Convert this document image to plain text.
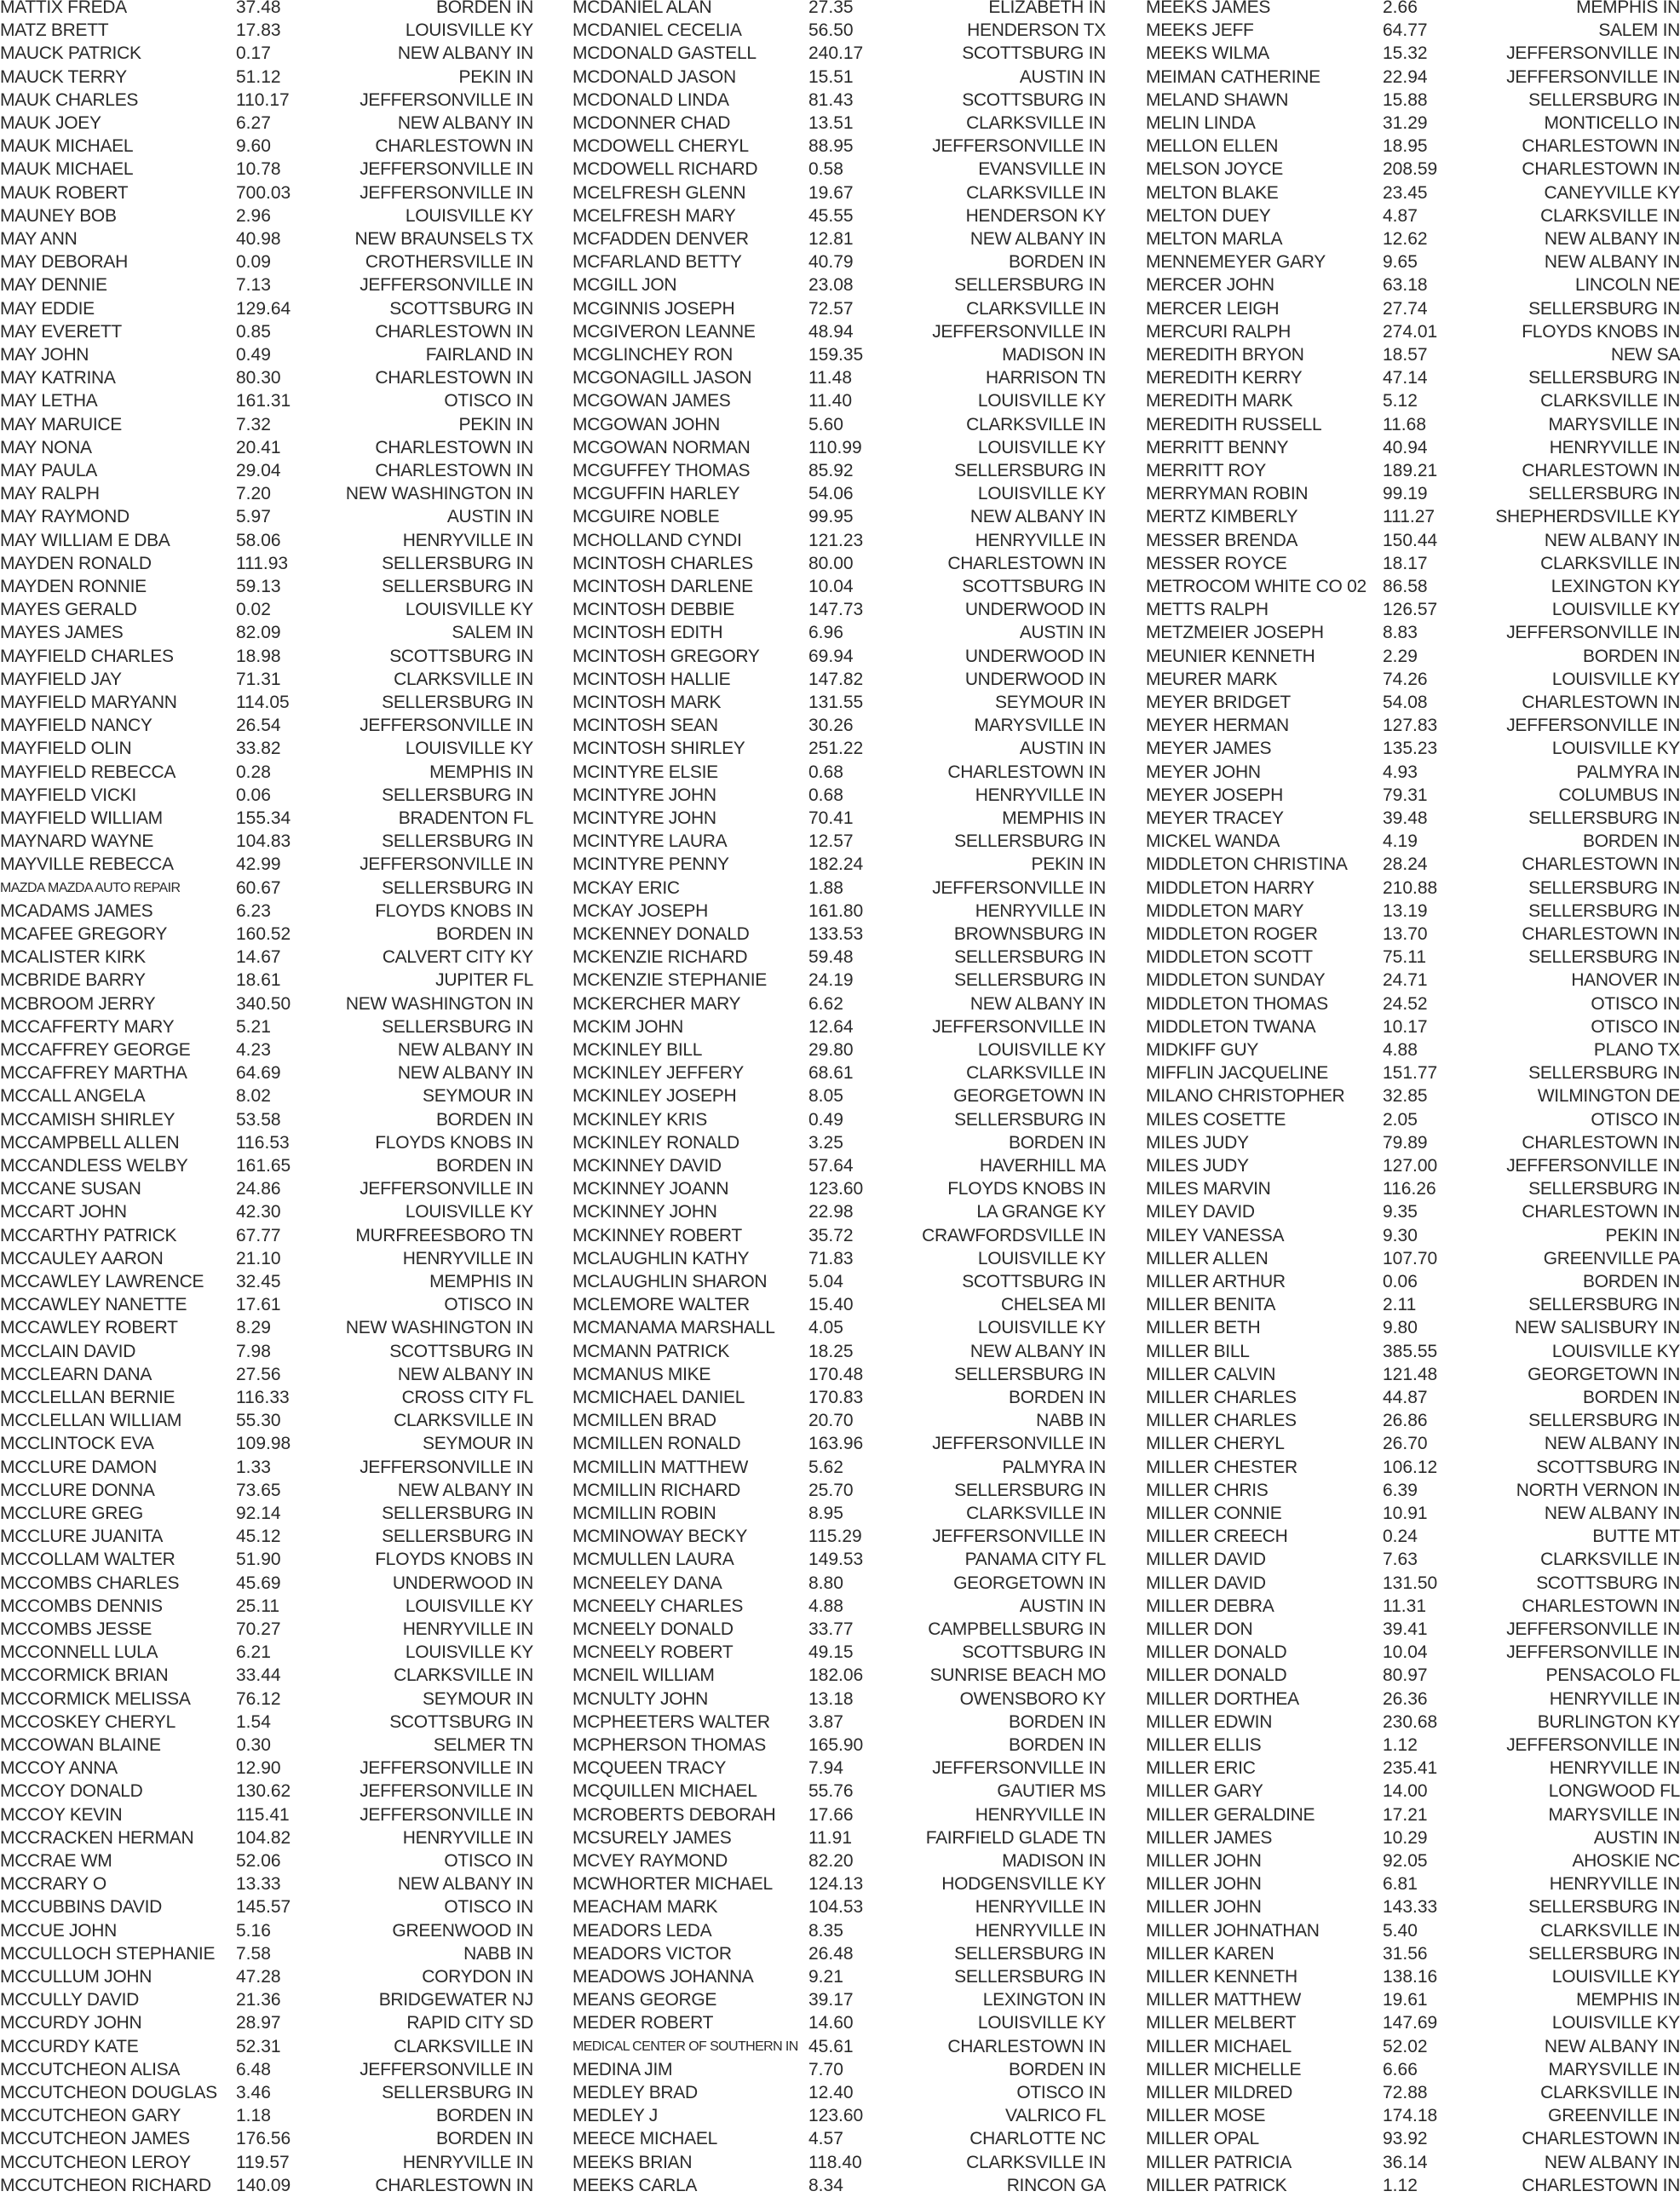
MATTIX FREDA	37.48	BORDEN IN
MATZ BRETT	17.83	LOUISVILLE KY
MAUCK PATRICK	0.17	NEW ALBANY IN
MAUCK TERRY	51.12	PEKIN IN
MAUK CHARLES	110.17	JEFFERSONVILLE IN
MAUK JOEY	6.27	NEW ALBANY IN
MAUK MICHAEL	9.60	CHARLESTOWN IN
MAUK MICHAEL	10.78	JEFFERSONVILLE IN
MAUK ROBERT	700.03	JEFFERSONVILLE IN
MAUNEY BOB	2.96	LOUISVILLE KY
MAY ANN	40.98	NEW BRAUNSELS TX
MAY DEBORAH	0.09	CROTHERSVILLE IN
MAY DENNIE	7.13	JEFFERSONVILLE IN
MAY EDDIE	129.64	SCOTTSBURG IN
MAY EVERETT	0.85	CHARLESTOWN IN
MAY JOHN	0.49	FAIRLAND IN
MAY KATRINA	80.30	CHARLESTOWN IN
MAY LETHA	161.31	OTISCO IN
MAY MARUICE	7.32	PEKIN IN
MAY NONA	20.41	CHARLESTOWN IN
MAY PAULA	29.04	CHARLESTOWN IN
MAY RALPH	7.20	NEW WASHINGTON IN
MAY RAYMOND	5.97	AUSTIN IN
MAY WILLIAM E DBA	58.06	HENRYVILLE IN
MAYDEN RONALD	111.93	SELLERSBURG IN
MAYDEN RONNIE	59.13	SELLERSBURG IN
MAYES GERALD	0.02	LOUISVILLE KY
MAYES JAMES	82.09	SALEM IN
MAYFIELD CHARLES	18.98	SCOTTSBURG IN
MAYFIELD JAY	71.31	CLARKSVILLE IN
MAYFIELD MARYANN	114.05	SELLERSBURG IN
MAYFIELD NANCY	26.54	JEFFERSONVILLE IN
MAYFIELD OLIN	33.82	LOUISVILLE KY
MAYFIELD REBECCA	0.28	MEMPHIS IN
MAYFIELD VICKI	0.06	SELLERSBURG IN
MAYFIELD WILLIAM	155.34	BRADENTON FL
MAYNARD WAYNE	104.83	SELLERSBURG IN
MAYVILLE REBECCA	42.99	JEFFERSONVILLE IN
MAZDA MAZDA AUTO REPAIR	60.67	SELLERSBURG IN
MCADAMS JAMES	6.23	FLOYDS KNOBS IN
MCAFEE GREGORY	160.52	BORDEN IN
MCALISTER KIRK	14.67	CALVERT CITY KY
MCBRIDE BARRY	18.61	JUPITER FL
MCBROOM JERRY	340.50	NEW WASHINGTON IN
MCCAFFERTY MARY	5.21	SELLERSBURG IN
MCCAFFREY GEORGE	4.23	NEW ALBANY IN
MCCAFFREY MARTHA	64.69	NEW ALBANY IN
MCCALL ANGELA	8.02	SEYMOUR IN
MCCAMISH SHIRLEY	53.58	BORDEN IN
MCCAMPBELL ALLEN	116.53	FLOYDS KNOBS IN
MCCANDLESS WELBY	161.65	BORDEN IN
MCCANE SUSAN	24.86	JEFFERSONVILLE IN
MCCART JOHN	42.30	LOUISVILLE KY
MCCARTHY PATRICK	67.77	MURFREESBORO TN
MCCAULEY AARON	21.10	HENRYVILLE IN
MCCAWLEY LAWRENCE 32.45	MEMPHIS IN
MCCAWLEY NANETTE	17.61	OTISCO IN
MCCAWLEY ROBERT	8.29	NEW WASHINGTON IN
MCCLAIN DAVID	7.98	SCOTTSBURG IN
MCCLEARN DANA	27.56	NEW ALBANY IN
MCCLELLAN BERNIE	116.33	CROSS CITY FL
MCCLELLAN WILLIAM	55.30	CLARKSVILLE IN
MCCLINTOCK EVA	109.98	SEYMOUR IN
MCCLURE DAMON	1.33	JEFFERSONVILLE IN
MCCLURE DONNA	73.65	NEW ALBANY IN
MCCLURE GREG	92.14	SELLERSBURG IN
MCCLURE JUANITA	45.12	SELLERSBURG IN
MCCOLLAM WALTER	51.90	FLOYDS KNOBS IN
MCCOMBS CHARLES	45.69	UNDERWOOD IN
MCCOMBS DENNIS	25.11	LOUISVILLE KY
MCCOMBS JESSE	70.27	HENRYVILLE IN
MCCONNELL LULA	6.21	LOUISVILLE KY
MCCORMICK BRIAN	33.44	CLARKSVILLE IN
MCCORMICK MELISSA	76.12	SEYMOUR IN
MCCOSKEY CHERYL	1.54	SCOTTSBURG IN
MCCOWAN BLAINE	0.30	SELMER TN
MCCOY ANNA	12.90	JEFFERSONVILLE IN
MCCOY DONALD	130.62	JEFFERSONVILLE IN
MCCOY KEVIN	115.41	JEFFERSONVILLE IN
MCCRACKEN HERMAN 104.82	HENRYVILLE IN
MCCRAE WM	52.06	OTISCO IN
MCCRARY O	13.33	NEW ALBANY IN
MCCUBBINS DAVID	145.57	OTISCO IN
MCCUE JOHN	5.16	GREENWOOD IN
MCCULLOCH STEPHANIE 7.58	NABB IN
MCCULLUM JOHN	47.28	CORYDON IN
MCCULLY DAVID	21.36	BRIDGEWATER NJ
MCCURDY JOHN	28.97	RAPID CITY SD
MCCURDY KATE	52.31	CLARKSVILLE IN
MCCUTCHEON ALISA	6.48	JEFFERSONVILLE IN
MCCUTCHEON DOUGLAS 3.46	SELLERSBURG IN
MCCUTCHEON GARY	1.18	BORDEN IN
MCCUTCHEON JAMES	176.56	BORDEN IN
MCCUTCHEON LEROY	119.57	HENRYVILLE IN
MCCUTCHEON RICHARD 140.09	CHARLESTOWN IN
MCDANIEL ALAN	27.35	ELIZABETH IN
MCDANIEL CECELIA	56.50	HENDERSON TX
MCDONALD GASTELL	240.17	SCOTTSBURG IN
MCDONALD JASON	15.51	AUSTIN IN
MCDONALD LINDA	81.43	SCOTTSBURG IN
MCDONNER CHAD	13.51	CLARKSVILLE IN
MCDOWELL CHERYL	88.95	JEFFERSONVILLE IN
MCDOWELL RICHARD	0.58	EVANSVILLE IN
MCELFRESH GLENN	19.67	CLARKSVILLE IN
MCELFRESH MARY	45.55	HENDERSON KY
MCFADDEN DENVER	12.81	NEW ALBANY IN
MCFARLAND BETTY	40.79	BORDEN IN
MCGILL JON	23.08	SELLERSBURG IN
MCGINNIS JOSEPH	72.57	CLARKSVILLE IN
MCGIVERON LEANNE	48.94	JEFFERSONVILLE IN
MCGLINCHEY RON	159.35	MADISON IN
MCGONAGILL JASON	11.48	HARRISON TN
MCGOWAN JAMES	11.40	LOUISVILLE KY
MCGOWAN JOHN	5.60	CLARKSVILLE IN
MCGOWAN NORMAN	110.99	LOUISVILLE KY
MCGUFFEY THOMAS	85.92	SELLERSBURG IN
MCGUFFIN HARLEY	54.06	LOUISVILLE KY
MCGUIRE NOBLE	99.95	NEW ALBANY IN
MCHOLLAND CYNDI	121.23	HENRYVILLE IN
MCINTOSH CHARLES	80.00	CHARLESTOWN IN
MCINTOSH DARLENE	10.04	SCOTTSBURG IN
MCINTOSH DEBBIE	147.73	UNDERWOOD IN
MCINTOSH EDITH	6.96	AUSTIN IN
MCINTOSH GREGORY	69.94	UNDERWOOD IN
MCINTOSH HALLIE	147.82	UNDERWOOD IN
MCINTOSH MARK	131.55	SEYMOUR IN
MCINTOSH SEAN	30.26	MARYSVILLE IN
MCINTOSH SHIRLEY	251.22	AUSTIN IN
MCINTYRE ELSIE	0.68	CHARLESTOWN IN
MCINTYRE JOHN	0.68	HENRYVILLE IN
MCINTYRE JOHN	70.41	MEMPHIS IN
MCINTYRE LAURA	12.57	SELLERSBURG IN
MCINTYRE PENNY	182.24	PEKIN IN
MCKAY ERIC	1.88	JEFFERSONVILLE IN
MCKAY JOSEPH	161.80	HENRYVILLE IN
MCKENNEY DONALD	133.53	BROWNSBURG IN
MCKENZIE RICHARD	59.48	SELLERSBURG IN
MCKENZIE STEPHANIE 24.19	SELLERSBURG IN
MCKERCHER MARY	6.62	NEW ALBANY IN
MCKIM JOHN	12.64	JEFFERSONVILLE IN
MCKINLEY BILL	29.80	LOUISVILLE KY
MCKINLEY JEFFERY	68.61	CLARKSVILLE IN
MCKINLEY JOSEPH	8.05	GEORGETOWN IN
MCKINLEY KRIS	0.49	SELLERSBURG IN
MCKINLEY RONALD	3.25	BORDEN IN
MCKINNEY DAVID	57.64	HAVERHILL MA
MCKINNEY JOANN	123.60	FLOYDS KNOBS IN
MCKINNEY JOHN	22.98	LA GRANGE KY
MCKINNEY ROBERT	35.72	CRAWFORDSVILLE IN
MCLAUGHLIN KATHY	71.83	LOUISVILLE KY
MCLAUGHLIN SHARON 5.04	SCOTTSBURG IN
MCLEMORE WALTER	15.40	CHELSEA MI
MCMANAMA MARSHALL 4.05	LOUISVILLE KY
MCMANN PATRICK	18.25	NEW ALBANY IN
MCMANUS MIKE	170.48	SELLERSBURG IN
MCMICHAEL DANIEL	170.83	BORDEN IN
MCMILLEN BRAD	20.70	NABB IN
MCMILLEN RONALD	163.96	JEFFERSONVILLE IN
MCMILLIN MATTHEW	5.62	PALMYRA IN
MCMILLIN RICHARD	25.70	SELLERSBURG IN
MCMILLIN ROBIN	8.95	CLARKSVILLE IN
MCMINOWAY BECKY	115.29	JEFFERSONVILLE IN
MCMULLEN LAURA	149.53	PANAMA CITY FL
MCNEELEY DANA	8.80	GEORGETOWN IN
MCNEELY CHARLES	4.88	AUSTIN IN
MCNEELY DONALD	33.77	CAMPBELLSBURG IN
MCNEELY ROBERT	49.15	SCOTTSBURG IN
MCNEIL WILLIAM	182.06	SUNRISE BEACH MO
MCNULTY JOHN	13.18	OWENSBORO KY
MCPHEETERS WALTER 3.87	BORDEN IN
MCPHERSON THOMAS 165.90	BORDEN IN
MCQUEEN TRACY	7.94	JEFFERSONVILLE IN
MCQUILLEN MICHAEL	55.76	GAUTIER MS
MCROBERTS DEBORAH 17.66	HENRYVILLE IN
MCSURELY JAMES	11.91	FAIRFIELD GLADE TN
MCVEY RAYMOND	82.20	MADISON IN
MCWHORTER MICHAEL 124.13	HODGENSVILLE KY
MEACHAM MARK	104.53	HENRYVILLE IN
MEADORS LEDA	8.35	HENRYVILLE IN
MEADORS VICTOR	26.48	SELLERSBURG IN
MEADOWS JOHANNA	9.21	SELLERSBURG IN
MEANS GEORGE	39.17	LEXINGTON IN
MEDER ROBERT	14.60	LOUISVILLE KY
MEDICAL CENTER OF SOUTHERN IN 45.61	CHARLESTOWN IN
MEDINA JIM	7.70	BORDEN IN
MEDLEY BRAD	12.40	OTISCO IN
MEDLEY J	123.60	VALRICO FL
MEECE MICHAEL	4.57	CHARLOTTE NC
MEEKS BRIAN	118.40	CLARKSVILLE IN
MEEKS CARLA	8.34	RINCON GA
MEEKS JAMES	2.66	MEMPHIS IN
MEEKS JEFF	64.77	SALEM IN
MEEKS WILMA	15.32	JEFFERSONVILLE IN
MEIMAN CATHERINE	22.94	JEFFERSONVILLE IN
MELAND SHAWN	15.88	SELLERSBURG IN
MELIN LINDA	31.29	MONTICELLO IN
MELLON ELLEN	18.95	CHARLESTOWN IN
MELSON JOYCE	208.59	CHARLESTOWN IN
MELTON BLAKE	23.45	CANEYVILLE KY
MELTON DUEY	4.87	CLARKSVILLE IN
MELTON MARLA	12.62	NEW ALBANY IN
MENNEMEYER GARY	9.65	NEW ALBANY IN
MERCER JOHN	63.18	LINCOLN NE
MERCER LEIGH	27.74	SELLERSBURG IN
MERCURI RALPH	274.01	FLOYDS KNOBS IN
MEREDITH BRYON	18.57	NEW SA
MEREDITH KERRY	47.14	SELLERSBURG IN
MEREDITH MARK	5.12	CLARKSVILLE IN
MEREDITH RUSSELL	11.68	MARYSVILLE IN
MERRITT BENNY	40.94	HENRYVILLE IN
MERRITT ROY	189.21	CHARLESTOWN IN
MERRYMAN ROBIN	99.19	SELLERSBURG IN
MERTZ KIMBERLY	111.27	SHEPHERDSVILLE KY
MESSER BRENDA	150.44	NEW ALBANY IN
MESSER ROYCE	18.17	CLARKSVILLE IN
METROCOM WHITE CO 02 86.58	LEXINGTON KY
METTS RALPH	126.57	LOUISVILLE KY
METZMEIER JOSEPH	8.83	JEFFERSONVILLE IN
MEUNIER KENNETH	2.29	BORDEN IN
MEURER MARK	74.26	LOUISVILLE KY
MEYER BRIDGET	54.08	CHARLESTOWN IN
MEYER HERMAN	127.83	JEFFERSONVILLE IN
MEYER JAMES	135.23	LOUISVILLE KY
MEYER JOHN	4.93	PALMYRA IN
MEYER JOSEPH	79.31	COLUMBUS IN
MEYER TRACEY	39.48	SELLERSBURG IN
MICKEL WANDA	4.19	BORDEN IN
MIDDLETON CHRISTINA 28.24	CHARLESTOWN IN
MIDDLETON HARRY	210.88	SELLERSBURG IN
MIDDLETON MARY	13.19	SELLERSBURG IN
MIDDLETON ROGER	13.70	CHARLESTOWN IN
MIDDLETON SCOTT	75.11	SELLERSBURG IN
MIDDLETON SUNDAY	24.71	HANOVER IN
MIDDLETON THOMAS	24.52	OTISCO IN
MIDDLETON TWANA	10.17	OTISCO IN
MIDKIFF GUY	4.88	PLANO TX
MIFFLIN JACQUELINE	151.77	SELLERSBURG IN
MILANO CHRISTOPHER 32.85	WILMINGTON DE
MILES COSETTE	2.05	OTISCO IN
MILES JUDY	79.89	CHARLESTOWN IN
MILES JUDY	127.00	JEFFERSONVILLE IN
MILES MARVIN	116.26	SELLERSBURG IN
MILEY DAVID	9.35	CHARLESTOWN IN
MILEY VANESSA	9.30	PEKIN IN
MILLER ALLEN	107.70	GREENVILLE PA
MILLER ARTHUR	0.06	BORDEN IN
MILLER BENITA	2.11	SELLERSBURG IN
MILLER BETH	9.80	NEW SALISBURY IN
MILLER BILL	385.55	LOUISVILLE KY
MILLER CALVIN	121.48	GEORGETOWN IN
MILLER CHARLES	44.87	BORDEN IN
MILLER CHARLES	26.86	SELLERSBURG IN
MILLER CHERYL	26.70	NEW ALBANY IN
MILLER CHESTER	106.12	SCOTTSBURG IN
MILLER CHRIS	6.39	NORTH VERNON IN
MILLER CONNIE	10.91	NEW ALBANY IN
MILLER CREECH	0.24	BUTTE MT
MILLER DAVID	7.63	CLARKSVILLE IN
MILLER DAVID	131.50	SCOTTSBURG IN
MILLER DEBRA	11.31	CHARLESTOWN IN
MILLER DON	39.41	JEFFERSONVILLE IN
MILLER DONALD	10.04	JEFFERSONVILLE IN
MILLER DONALD	80.97	PENSACOLO FL
MILLER DORTHEA	26.36	HENRYVILLE IN
MILLER EDWIN	230.68	BURLINGTON KY
MILLER ELLIS	1.12	JEFFERSONVILLE IN
MILLER ERIC	235.41	HENRYVILLE IN
MILLER GARY	14.00	LONGWOOD FL
MILLER GERALDINE	17.21	MARYSVILLE IN
MILLER JAMES	10.29	AUSTIN IN
MILLER JOHN	92.05	AHOSKIE NC
MILLER JOHN	6.81	HENRYVILLE IN
MILLER JOHN	143.33	SELLERSBURG IN
MILLER JOHNATHAN	5.40	CLARKSVILLE IN
MILLER KAREN	31.56	SELLERSBURG IN
MILLER KENNETH	138.16	LOUISVILLE KY
MILLER MATTHEW	19.61	MEMPHIS IN
MILLER MELBERT	147.69	LOUISVILLE KY
MILLER MICHAEL	52.02	NEW ALBANY IN
MILLER MICHELLE	6.66	MARYSVILLE IN
MILLER MILDRED	72.88	CLARKSVILLE IN
MILLER MOSE	174.18	GREENVILLE IN
MILLER OPAL	93.92	CHARLESTOWN IN
MILLER PATRICIA	36.14	NEW ALBANY IN
MILLER PATRICK	1.12	CHARLESTOWN IN
